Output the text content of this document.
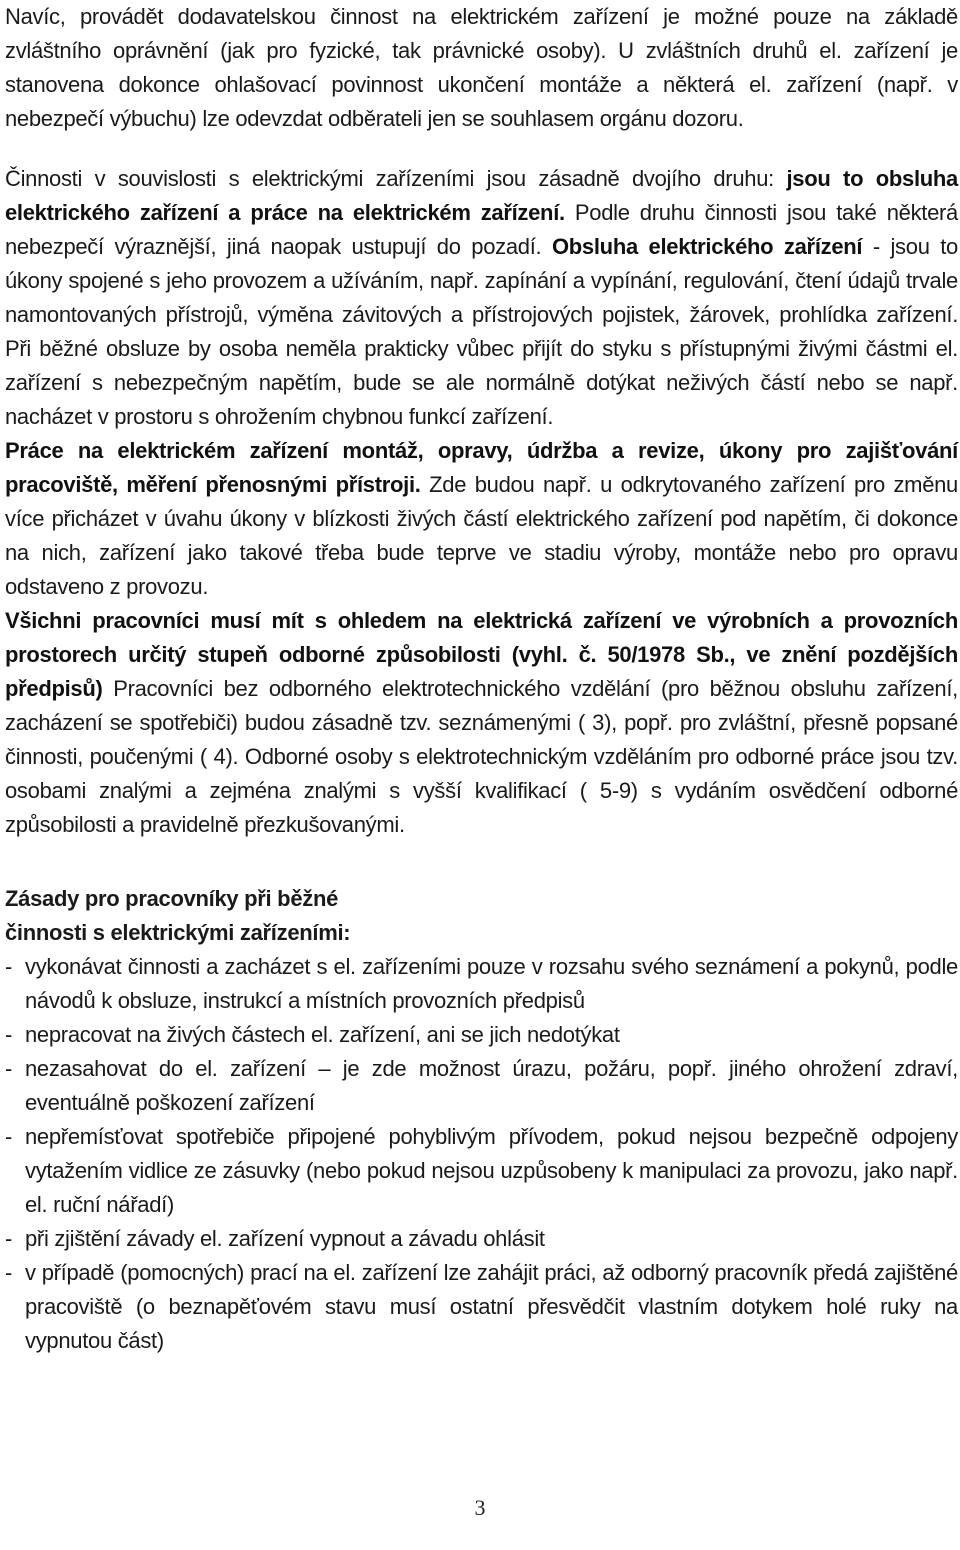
Navíc, provádět dodavatelskou činnost na elektrickém zařízení je možné pouze na základě zvláštního oprávnění (jak pro fyzické, tak právnické osoby). U zvláštních druhů el. zařízení je stanovena dokonce ohlašovací povinnost ukončení montáže a některá el. zařízení (např. v nebezpečí výbuchu) lze odevzdat odběrateli jen se souhlasem orgánu dozoru.

Činnosti v souvislosti s elektrickými zařízeními jsou zásadně dvojího druhu: jsou to obsluha elektrického zařízení a práce na elektrickém zařízení. Podle druhu činnosti jsou také některá nebezpečí výraznější, jiná naopak ustupují do pozadí. Obsluha elektrického zařízení - jsou to úkony spojené s jeho provozem a užíváním, např. zapínání a vypínání, regulování, čtení údajů trvale namontovaných přístrojů, výměna závitových a přístrojových pojistek, žárovek, prohlídka zařízení. Při běžné obsluze by osoba neměla prakticky vůbec přijít do styku s přístupnými živými částmi el. zařízení s nebezpečným napětím, bude se ale normálně dotýkat neživých částí nebo se např. nacházet v prostoru s ohrožením chybnou funkcí zařízení.

Práce na elektrickém zařízení montáž, opravy, údržba a revize, úkony pro zajišťování pracoviště, měření přenosnými přístroji. Zde budou např. u odkrytovaného zařízení pro změnu více přicházet v úvahu úkony v blízkosti živých částí elektrického zařízení pod napětím, či dokonce na nich, zařízení jako takové třeba bude teprve ve stadiu výroby, montáže nebo pro opravu odstaveno z provozu.

Všichni pracovníci musí mít s ohledem na elektrická zařízení ve výrobních a provozních prostorech určitý stupeň odborné způsobilosti (vyhl. č. 50/1978 Sb., ve znění pozdějších předpisů) Pracovníci bez odborného elektrotechnického vzdělání (pro běžnou obsluhu zařízení, zacházení se spotřebiči) budou zásadně tzv. seznámenými ( 3), popř. pro zvláštní, přesně popsané činnosti, poučenými ( 4). Odborné osoby s elektrotechnickým vzděláním pro odborné práce jsou tzv. osobami znalými a zejména znalými s vyšší kvalifikací ( 5-9) s vydáním osvědčení odborné způsobilosti a pravidelně přezkušovanými.

Zásady pro pracovníky při běžné
činnosti s elektrickými zařízeními:
- vykonávat činnosti a zacházet s el. zařízeními pouze v rozsahu svého seznámení a pokynů, podle návodů k obsluze, instrukcí a místních provozních předpisů
- nepracovat na živých částech el. zařízení, ani se jich nedotýkat
- nezasahovat do el. zařízení – je zde možnost úrazu, požáru, popř. jiného ohrožení zdraví, eventuálně poškození zařízení
- nepřemísťovat spotřebiče připojené pohyblivým přívodem, pokud nejsou bezpečně odpojeny vytažením vidlice ze zásuvky (nebo pokud nejsou uzpůsobeny k manipulaci za provozu, jako např. el. ruční nářadí)
- při zjištění závady el. zařízení vypnout a závadu ohlásit
- v případě (pomocných) prací na el. zařízení lze zahájit práci, až odborný pracovník předá zajištěné pracoviště (o beznapěťovém stavu musí ostatní přesvědčit vlastním dotykem holé ruky na vypnutou část)
3
